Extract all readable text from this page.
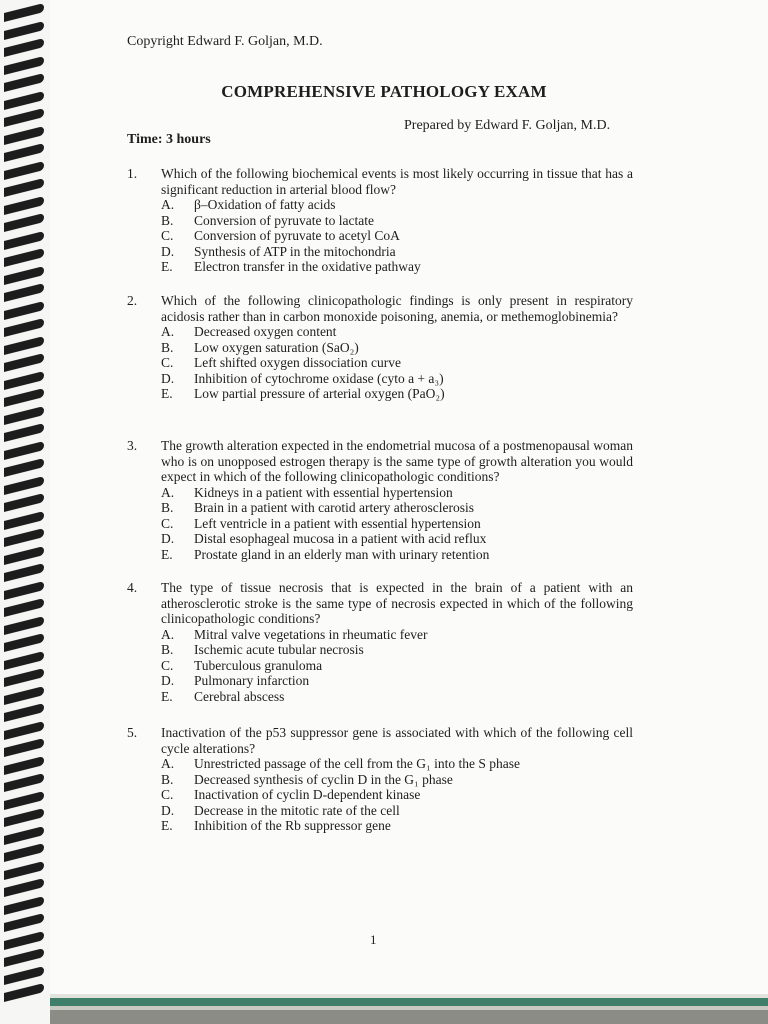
Copyright Edward F. Goljan, M.D.
COMPREHENSIVE PATHOLOGY EXAM
Prepared by Edward F. Goljan, M.D.
Time: 3 hours
1. Which of the following biochemical events is most likely occurring in tissue that has a significant reduction in arterial blood flow?
A. β–Oxidation of fatty acids
B. Conversion of pyruvate to lactate
C. Conversion of pyruvate to acetyl CoA
D. Synthesis of ATP in the mitochondria
E. Electron transfer in the oxidative pathway
2. Which of the following clinicopathologic findings is only present in respiratory acidosis rather than in carbon monoxide poisoning, anemia, or methemoglobinemia?
A. Decreased oxygen content
B. Low oxygen saturation (SaO₂)
C. Left shifted oxygen dissociation curve
D. Inhibition of cytochrome oxidase (cyto a + a₃)
E. Low partial pressure of arterial oxygen (PaO₂)
3. The growth alteration expected in the endometrial mucosa of a postmenopausal woman who is on unopposed estrogen therapy is the same type of growth alteration you would expect in which of the following clinicopathologic conditions?
A. Kidneys in a patient with essential hypertension
B. Brain in a patient with carotid artery atherosclerosis
C. Left ventricle in a patient with essential hypertension
D. Distal esophageal mucosa in a patient with acid reflux
E. Prostate gland in an elderly man with urinary retention
4. The type of tissue necrosis that is expected in the brain of a patient with an atherosclerotic stroke is the same type of necrosis expected in which of the following clinicopathologic conditions?
A. Mitral valve vegetations in rheumatic fever
B. Ischemic acute tubular necrosis
C. Tuberculous granuloma
D. Pulmonary infarction
E. Cerebral abscess
5. Inactivation of the p53 suppressor gene is associated with which of the following cell cycle alterations?
A. Unrestricted passage of the cell from the G₁ into the S phase
B. Decreased synthesis of cyclin D in the G₁ phase
C. Inactivation of cyclin D-dependent kinase
D. Decrease in the mitotic rate of the cell
E. Inhibition of the Rb suppressor gene
1
